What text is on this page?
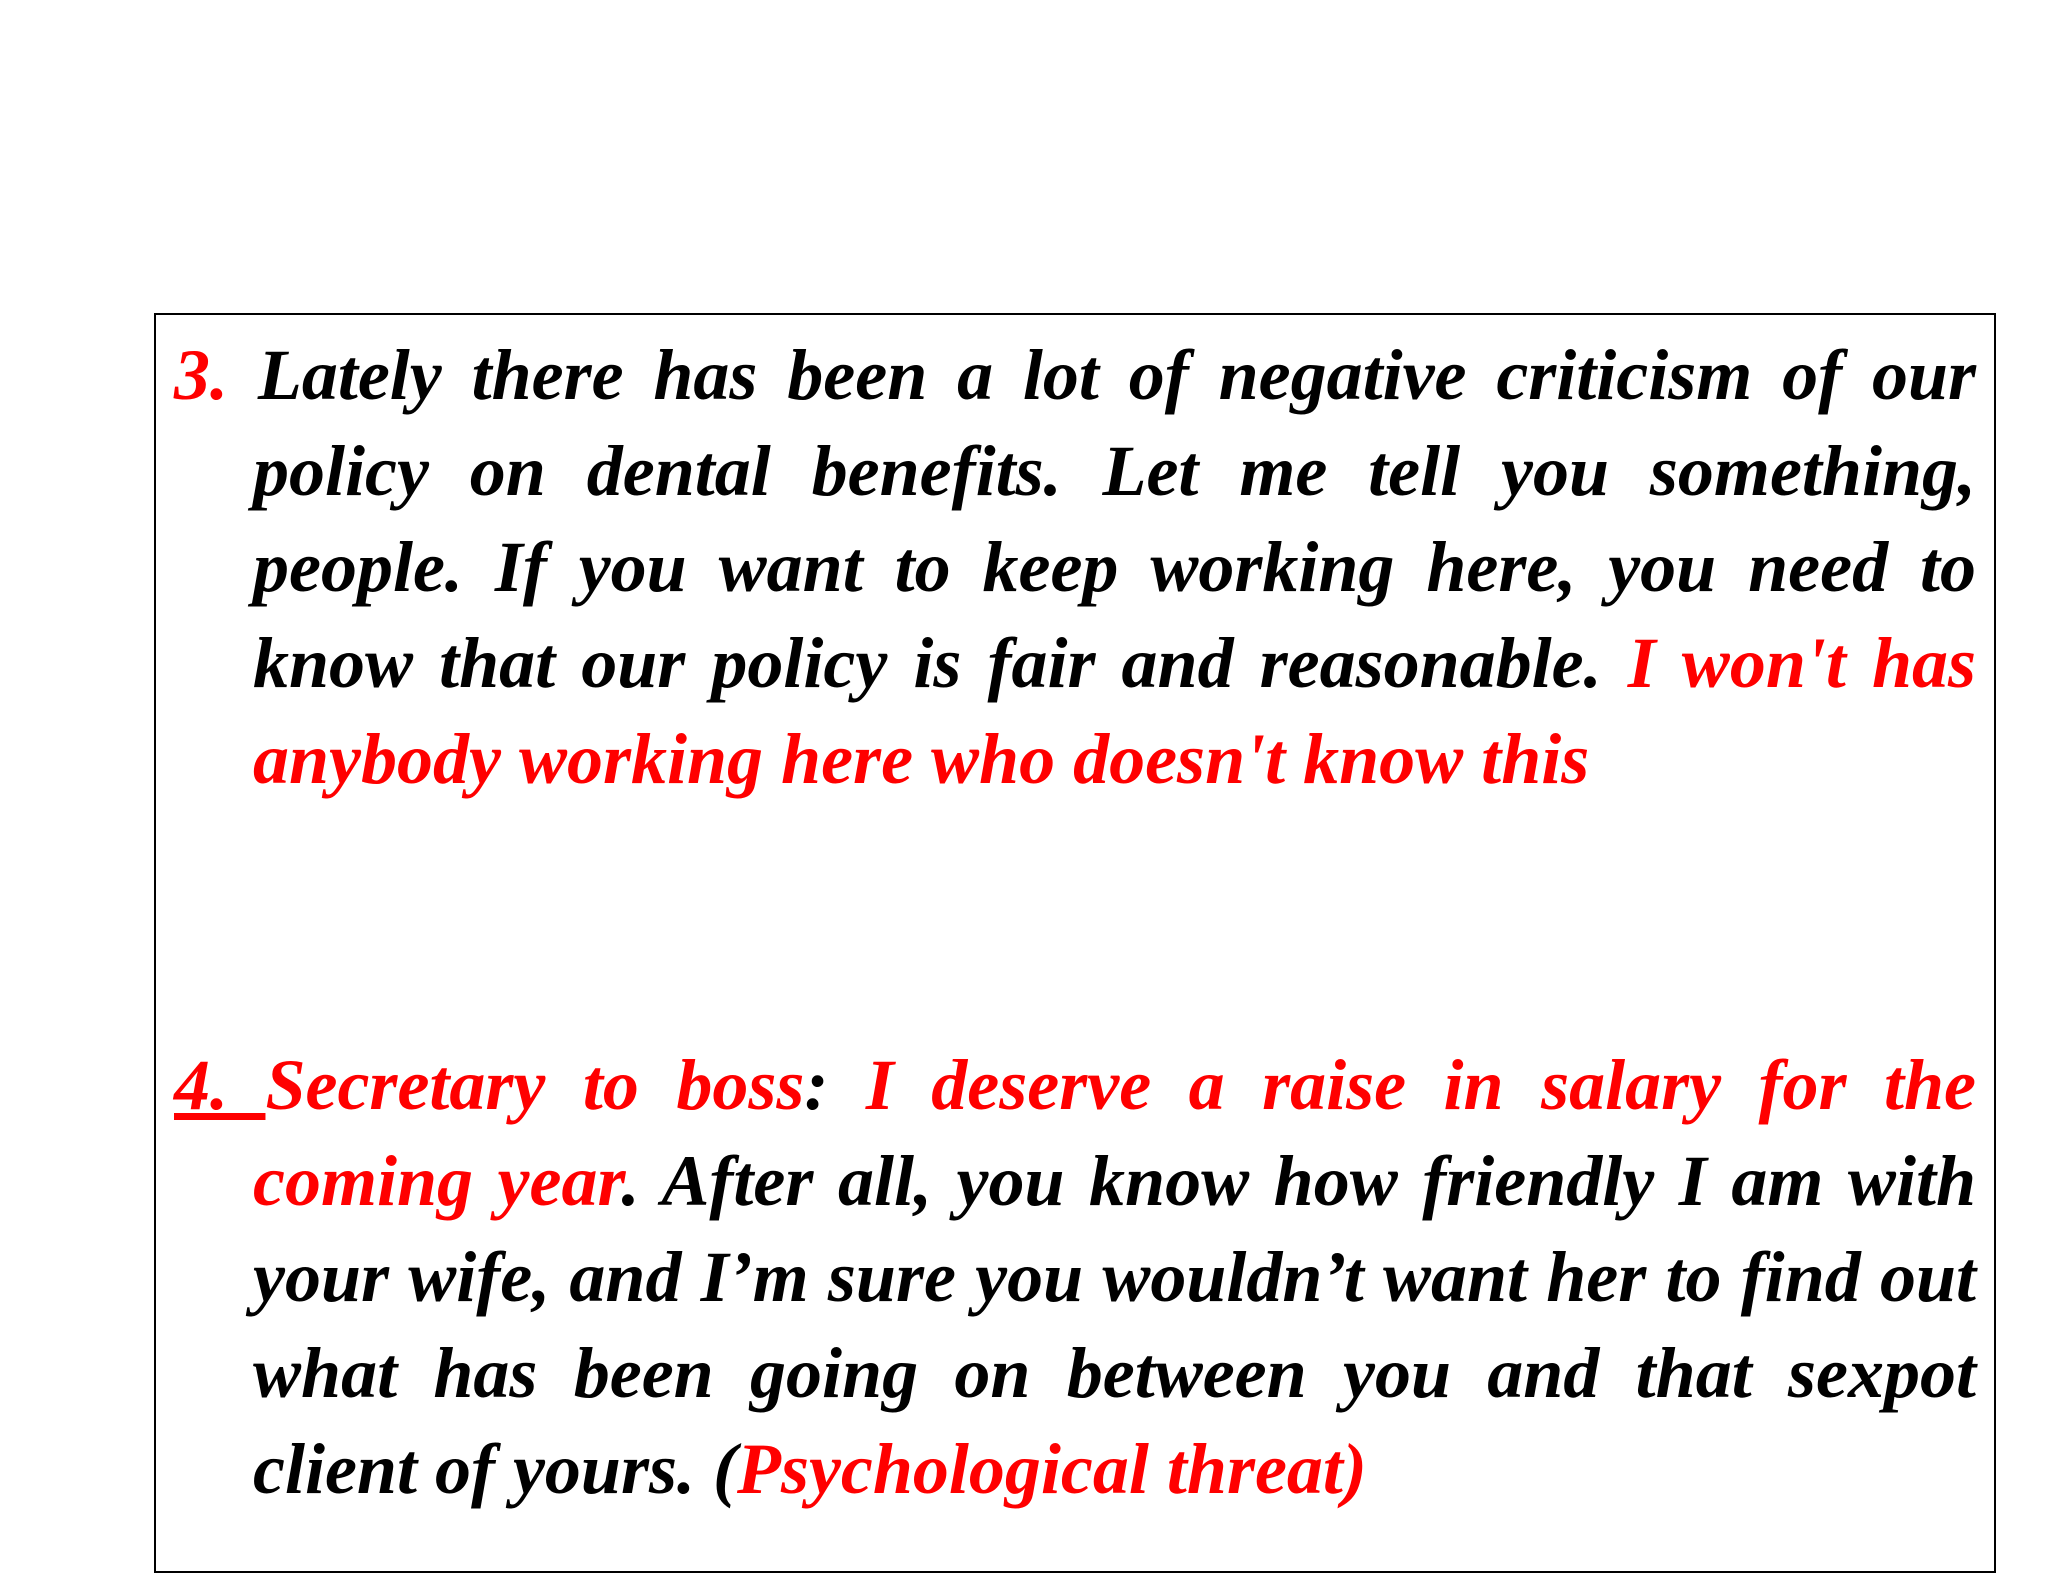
3. Lately there has been a lot of negative criticism of our policy on dental benefits. Let me tell you something, people. If you want to keep working here, you need to know that our policy is fair and reasonable. I won't has anybody working here who doesn't know this

4. Secretary to boss: I deserve a raise in salary for the coming year. After all, you know how friendly I am with your wife, and I’m sure you wouldn’t want her to find out what has been going on between you and that sexpot client of yours. (Psychological threat)
